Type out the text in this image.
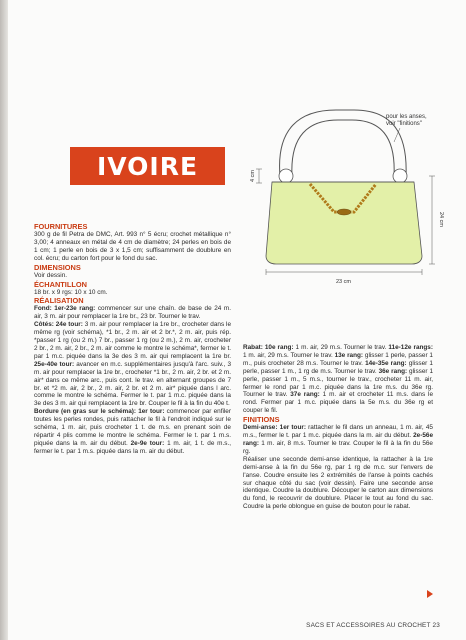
IVOIRE
pour les anses,
voir "finitions"
4 cm
24 cm
23 cm

FOURNITURES

300 g de fil Petra de DMC, Art. 993 n° 5 écru; crochet métallique n° 3,00; 4 anneaux en métal de 4 cm de diamètre; 24 perles en bois de 1 cm; 1 perle en bois de 3 x 1,5 cm; suffisamment de doublure en col. écru; du carton fort pour le fond du sac.

DIMENSIONS

Voir dessin.

ÉCHANTILLON

18 br. x 9 rgs: 10 x 10 cm.

RÉALISATION

Fond: 1er-23e rang: commencer sur une chaîn. de base de 24 m. air, 3 m. air pour remplacer la 1re br., 23 br. Tourner le trav.

Côtés: 24e tour: 3 m. air pour remplacer la 1re br., crocheter dans le même rg (voir schéma), *1 br., 2 m. air et 2 br.*, 2 m. air, puis rép. *passer 1 rg (ou 2 m.) 7 br., passer 1 rg (ou 2 m.), 2 m. air, crocheter 2 br., 2 m. air, 2 br., 2 m. air comme le montre le schéma*, fermer le t. par 1 m.c. piquée dans la 3e des 3 m. air qui remplacent la 1re br. 25e-40e tour: avancer en m.c. supplémentaires jusqu'à l'arc. suiv., 3 m. air pour remplacer la 1re br., crocheter *1 br., 2 m. air, 2 br. et 2 m. air* dans ce même arc., puis cont. le trav. en alternant groupes de 7 br. et *2 m. air, 2 br., 2 m. air, 2 br. et 2 m. air* piquée dans l arc. comme le montre le schéma. Fermer le t. par 1 m.c. piquée dans la 3e des 3 m. air qui remplacent la 1re br. Couper le fil à la fin du 40e t.

Bordure (en gras sur le schéma): 1er tour: commencer par enfiler toutes les perles rondes, puis rattacher le fil à l'endroit indiqué sur le schéma, 1 m. air, puis crocheter 1 t. de m.s. en prenant soin de répartir 4 plis comme le montre le schéma. Fermer le t. par 1 m.s. piquée dans la m. air du début. 2e-9e tour: 1 m. air, 1 t. de m.s., fermer le t. par 1 m.s. piquée dans la m. air du début.

Rabat: 10e rang: 1 m. air, 29 m.s. Tourner le trav. 11e-12e rangs: 1 m. air, 29 m.s. Tourner le trav. 13e rang: glisser 1 perle, passer 1 m., puis crocheter 28 m.s. Tourner le trav. 14e-35e rang: glisser 1 perle, passer 1 m., 1 rg de m.s. Tourner le trav. 36e rang: glisser 1 perle, passer 1 m., 5 m.s., tourner le trav., crocheter 11 m. air, fermer le rond par 1 m.c. piquée dans la 1re m.s. du 36e rg. Tourner le trav. 37e rang: 1 m. air et crocheter 11 m.s. dans le rond. Fermer par 1 m.c. piquée dans la 5e m.s. du 36e rg et couper le fil.

FINITIONS

Demi-anse: 1er tour: rattacher le fil dans un anneau, 1 m. air, 45 m.s., fermer le t. par 1 m.c. piquée dans la m. air du début. 2e-56e rang: 1 m. air, 8 m.s. Tourner le trav. Couper le fil à la fin du 56e rg.

Réaliser une seconde demi-anse identique, la rattacher à la 1re demi-anse à la fin du 56e rg, par 1 rg de m.c. sur l'envers de l'anse. Coudre ensuite les 2 extrémités de l'anse à points cachés sur chaque côté du sac (voir dessin). Faire une seconde anse identique. Coudre la doublure. Découper le carton aux dimensions du fond, le recouvrir de doublure. Placer le tout au fond du sac. Coudre la perle oblongue en guise de bouton pour le rabat.

SACS ET ACCESSOIRES AU CROCHET 23
